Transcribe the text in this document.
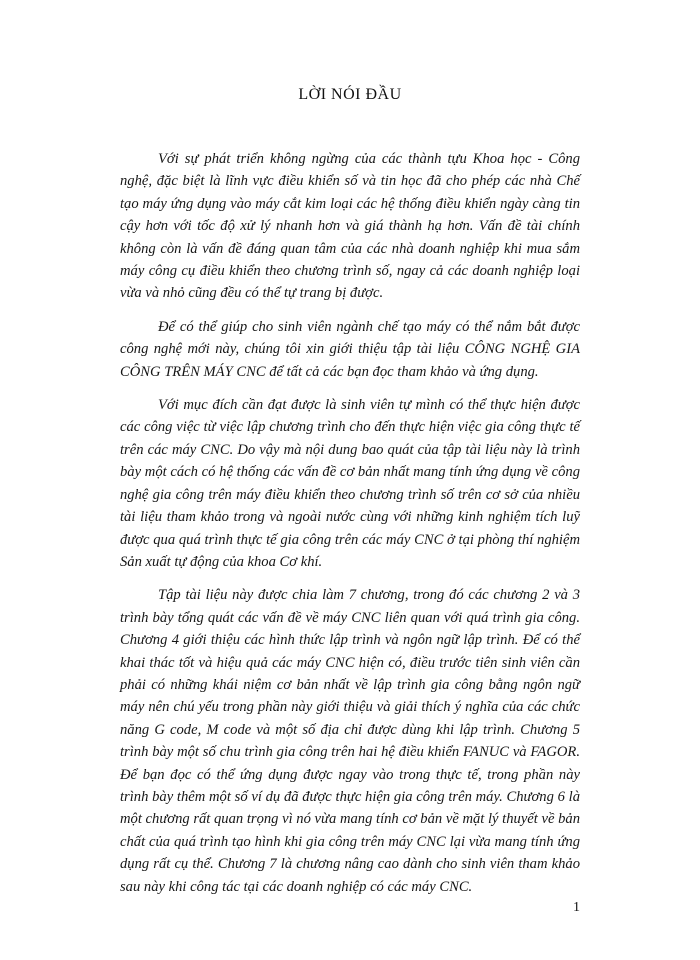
LỜI NÓI ĐẦU

Với sự phát triển không ngừng của các thành tựu Khoa học - Công nghệ, đặc biệt là lĩnh vực điều khiển số và tin học đã cho phép các nhà Chế tạo máy ứng dụng vào máy cắt kim loại các hệ thống điều khiển ngày càng tin cậy hơn với tốc độ xử lý nhanh hơn và giá thành hạ hơn. Vấn đề tài chính không còn là vấn đề đáng quan tâm của các nhà doanh nghiệp khi mua sắm máy công cụ điều khiển theo chương trình số, ngay cả các doanh nghiệp loại vừa và nhỏ cũng đều có thể tự trang bị được.

Để có thể giúp cho sinh viên ngành chế tạo máy có thể nắm bắt được công nghệ mới này, chúng tôi xin giới thiệu tập tài liệu CÔNG NGHỆ GIA CÔNG TRÊN MÁY CNC để tất cả các bạn đọc tham khảo và ứng dụng.

Với mục đích cần đạt được là sinh viên tự mình có thể thực hiện được các công việc từ việc lập chương trình cho đến thực hiện việc gia công thực tế trên các máy CNC. Do vậy mà nội dung bao quát của tập tài liệu này là trình bày một cách có hệ thống các vấn đề cơ bản nhất mang tính ứng dụng về công nghệ gia công trên máy điều khiển theo chương trình số trên cơ sở của nhiều tài liệu tham khảo trong và ngoài nước cùng với những kinh nghiệm tích luỹ được qua quá trình thực tế gia công trên các máy CNC ở tại phòng thí nghiệm Sản xuất tự động của khoa Cơ khí.

Tập tài liệu này được chia làm 7 chương, trong đó các chương 2 và 3 trình bày tổng quát các vấn đề về máy CNC liên quan với quá trình gia công. Chương 4 giới thiệu các hình thức lập trình và ngôn ngữ lập trình. Để có thể khai thác tốt và hiệu quả các máy CNC hiện có, điều trước tiên sinh viên cần phải có những khái niệm cơ bản nhất về lập trình gia công bằng ngôn ngữ máy nên chú yếu trong phần này giới thiệu và giải thích ý nghĩa của các chức năng G code, M code và một số địa chỉ được dùng khi lập trình. Chương 5 trình bày một số chu trình gia công trên hai hệ điều khiển FANUC và FAGOR. Để bạn đọc có thể ứng dụng được ngay vào trong thực tế, trong phần này trình bày thêm một số ví dụ đã được thực hiện gia công trên máy. Chương 6 là một chương rất quan trọng vì nó vừa mang tính cơ bản về mặt lý thuyết về bản chất của quá trình tạo hình khi gia công trên máy CNC lại vừa mang tính ứng dụng rất cụ thể. Chương 7 là chương nâng cao dành cho sinh viên tham khảo sau này khi công tác tại các doanh nghiệp có các máy CNC.

1
